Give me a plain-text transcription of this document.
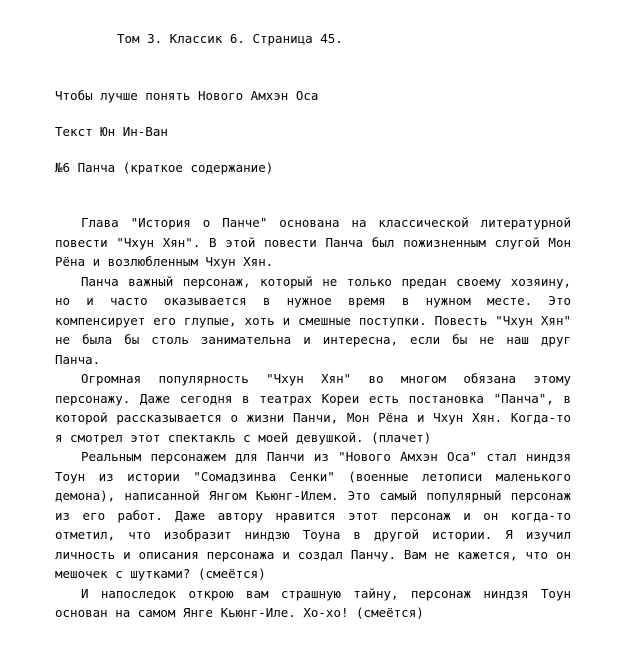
Том 3. Классик 6. Страница 45.

Чтобы лучше понять Нового Амхэн Оса

Текст Юн Ин-Ван

№6 Панча (краткое содержание)

Глава "История о Панче" основана на классической литературной повести "Чхун Хян". В этой повести Панча был пожизненным слугой Мон Рёна и возлюбленным Чхун Хян.

Панча важный персонаж, который не только предан своему хозяину, но и часто оказывается в нужное время в нужном месте. Это компенсирует его глупые, хоть и смешные поступки. Повесть "Чхун Хян" не была бы столь занимательна и интересна, если бы не наш друг Панча.

Огромная популярность "Чхун Хян" во многом обязана этому персонажу. Даже сегодня в театрах Кореи есть постановка "Панча", в которой рассказывается о жизни Панчи, Мон Рёна и Чхун Хян. Когда-то я смотрел этот спектакль с моей девушкой. (плачет)

Реальным персонажем для Панчи из "Нового Амхэн Оса" стал ниндзя Тоун из истории "Сомадзинва Сенки" (военные летописи маленького демона), написанной Янгом Кьюнг-Илем. Это самый популярный персонаж из его работ. Даже автору нравится этот персонаж и он когда-то отметил, что изобразит ниндзю Тоуна в другой истории. Я изучил личность и описания персонажа и создал Панчу. Вам не кажется, что он мешочек с шутками? (смеётся)

И напоследок открою вам страшную тайну, персонаж ниндзя Тоун основан на самом Янге Кьюнг-Иле. Хо-хо! (смеётся)
